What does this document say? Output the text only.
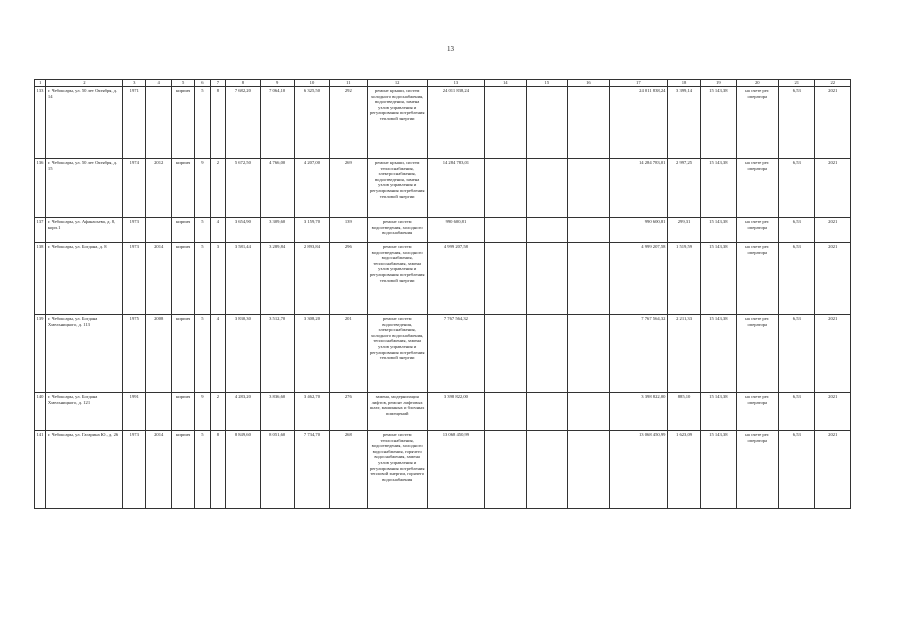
13
1	2	3	4	5	6	7	8	9	10	11	12	13	14	15	16	17	18	19	20	21	22
133	г. Чебоксары, ул. 50 лет Октября, д. 14	1971		кирпич	5	8	7 682,20	7 064,10	6 325,50	292	ремонт крыши, систем холодного водоснабжения, водоотведения, замена узлов управления и регулирования потребления тепловой энергии	24 011 838,24				24 011 838,24	3 399,14	15 143,38	на счете рег. оператора	6,53	2021
136	г. Чебоксары, ул. 50 лет Октября, д. 15	1974	2012	кирпич	9	2	5 672,50	4 766,00	4 207,00	269	ремонт крыши, систем теплоснабжения, электроснабжения, водоотведения, замена узлов управления и регулирования потребления тепловой энергии	14 284 783,01				14 284 783,01	2 997,25	15 143,38	на счете рег. оператора	6,53	2021
137	г. Чебоксары, ул. Афанасьева, д. 8, корп.1	1973		кирпич	5	4	3 654,90	3 309,60	3 159,70	139	ремонт систем водоотведения, холодного водоснабжения	990 600,81				990 600,81	299,31	15 143,38	на счете рег. оператора	6,53	2021
138	г. Чебоксары, ул. Богдана, д. 8	1973	2014	кирпич	5	3	3 581,44	3 289,84	2 893,84	296	ремонт систем водоотведения, холодного водоснабжения, теплоснабжения, замена узлов управления и регулирования потребления тепловой энергии	4 999 207,58				4 999 207,58	1 519,59	15 143,38	на счете рег. оператора	6,53	2021
139	г. Чебоксары, ул. Богдана Хмельницкого, д. 113	1975	2008	кирпич	5	4	3 830,30	3 512,70	3 308,20	201	ремонт систем водоотведения, электроснабжения, холодного водоснабжения, теплоснабжения, замена узлов управления и регулирования потребления тепловой энергии	7 767 564,32				7 767 564,32	2 211,33	15 143,38	на счете рег. оператора	6,53	2021
140	г. Чебоксары, ул. Богдана Хмельницкого, д. 121	1991		кирпич	9	2	4 283,20	3 836,60	3 462,70	276	замена, модернизация лифтов, ремонт лифтовых шахт, машинных и блочных помещений	3 398 822,00				3 398 822,00	885,10	15 143,38	на счете рег. оператора	6,53	2021
141	г. Чебоксары, ул. Гагарина Ю., д. 26	1973	2014	кирпич	5	8	8 849,60	8 051,60	7 734,70	268	ремонт систем теплоснабжения, водоотведения, холодного водоснабжения, горячего водоснабжения, замена узлов управления и регулирования потребления тепловой энергии, горячего водоснабжения	13 068 450,99				13 068 450,99	1 623,09	15 143,38	на счете рег. оператора	6,53	2021
